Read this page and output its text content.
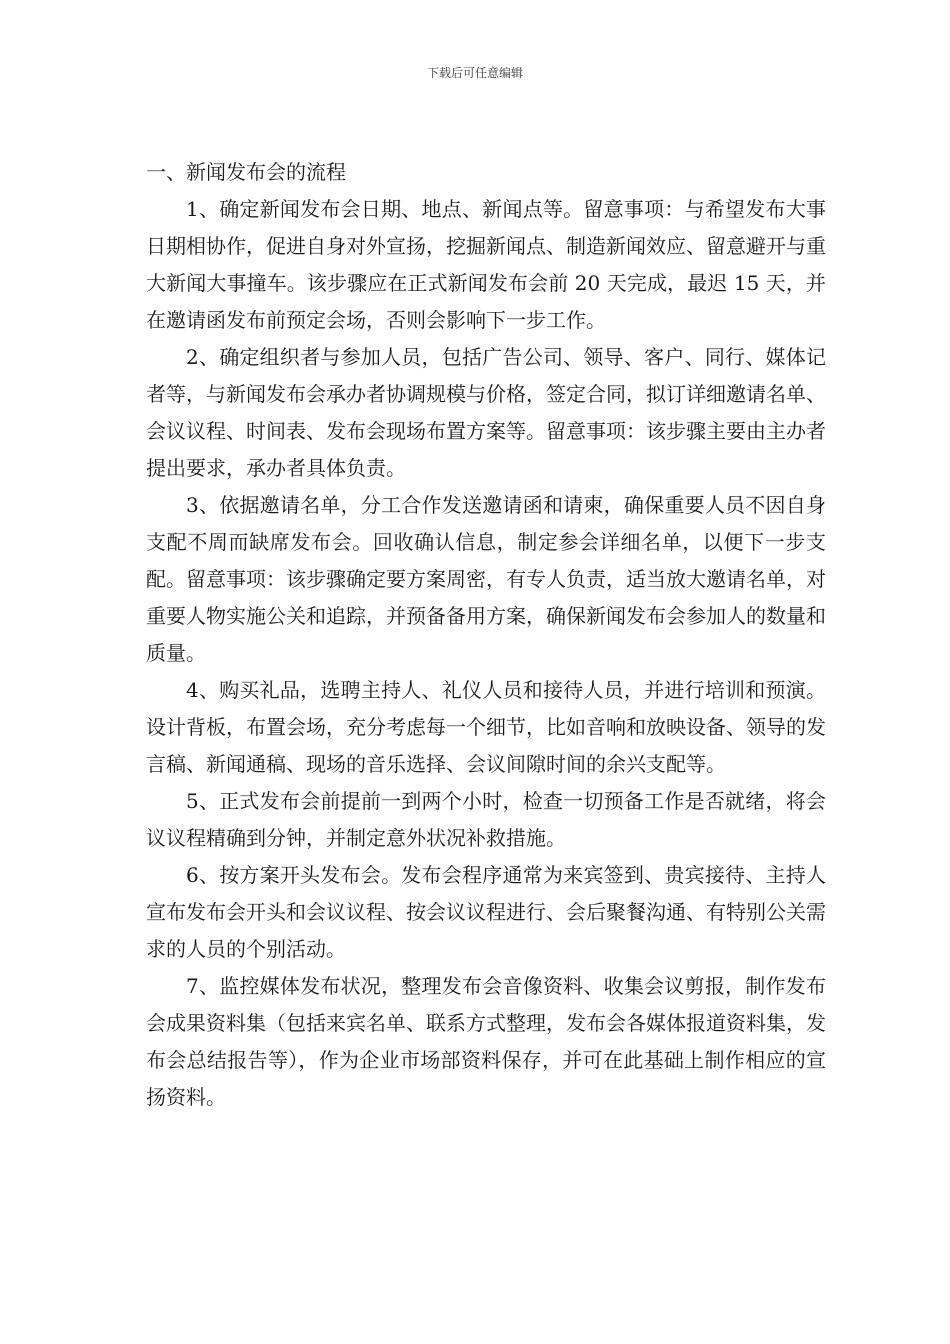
下载后可任意编辑
一、新闻发布会的流程

1、确定新闻发布会日期、地点、新闻点等。留意事项：与希望发布大事日期相协作，促进自身对外宣扬，挖掘新闻点、制造新闻效应、留意避开与重大新闻大事撞车。该步骤应在正式新闻发布会前 20 天完成，最迟 15 天，并在邀请函发布前预定会场，否则会影响下一步工作。

2、确定组织者与参加人员，包括广告公司、领导、客户、同行、媒体记者等，与新闻发布会承办者协调规模与价格，签定合同，拟订详细邀请名单、会议议程、时间表、发布会现场布置方案等。留意事项：该步骤主要由主办者提出要求，承办者具体负责。

3、依据邀请名单，分工合作发送邀请函和请柬，确保重要人员不因自身支配不周而缺席发布会。回收确认信息，制定参会详细名单，以便下一步支配。留意事项：该步骤确定要方案周密，有专人负责，适当放大邀请名单，对重要人物实施公关和追踪，并预备备用方案，确保新闻发布会参加人的数量和质量。

4、购买礼品，选聘主持人、礼仪人员和接待人员，并进行培训和预演。设计背板，布置会场，充分考虑每一个细节，比如音响和放映设备、领导的发言稿、新闻通稿、现场的音乐选择、会议间隙时间的余兴支配等。

5、正式发布会前提前一到两个小时，检查一切预备工作是否就绪，将会议议程精确到分钟，并制定意外状况补救措施。

6、按方案开头发布会。发布会程序通常为来宾签到、贵宾接待、主持人宣布发布会开头和会议议程、按会议议程进行、会后聚餐沟通、有特别公关需求的人员的个别活动。

7、监控媒体发布状况，整理发布会音像资料、收集会议剪报，制作发布会成果资料集（包括来宾名单、联系方式整理，发布会各媒体报道资料集，发布会总结报告等），作为企业市场部资料保存，并可在此基础上制作相应的宣扬资料。
